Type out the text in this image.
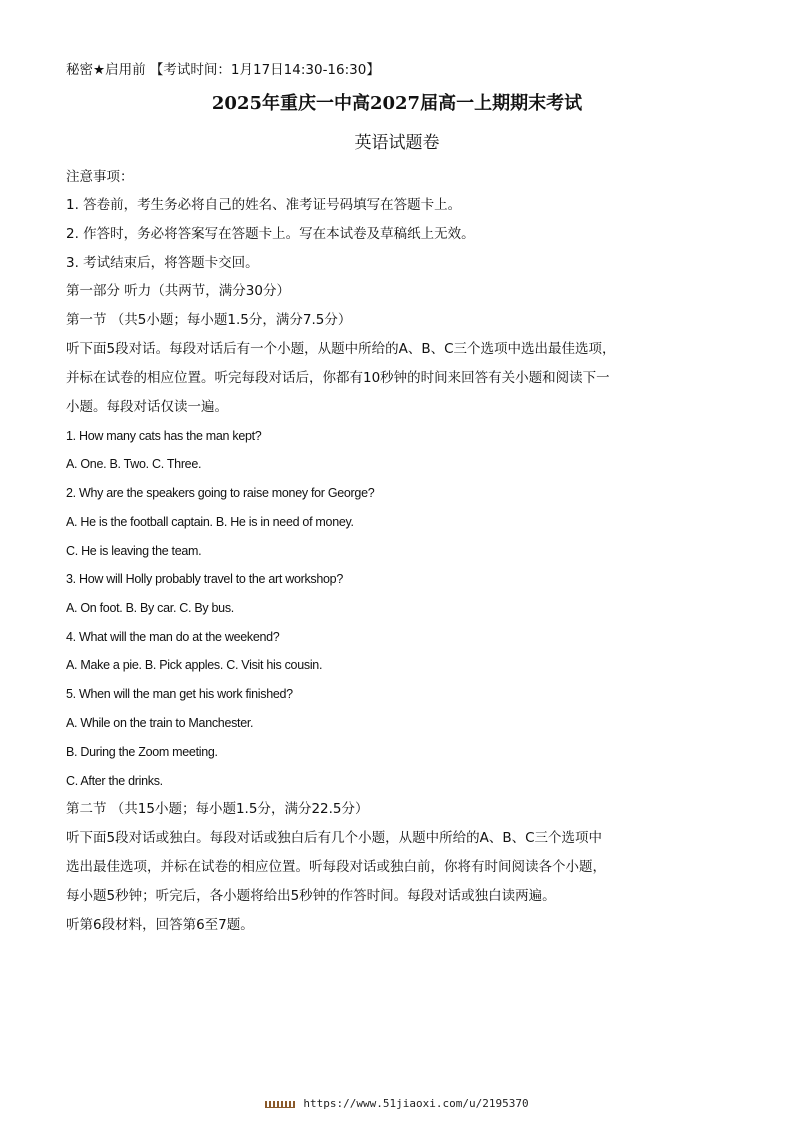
秘密★启用前 【考试时间：1月17日14:30-16:30】
2025年重庆一中高2027届高一上期期末考试
英语试题卷
注意事项：
1. 答卷前，考生务必将自己的姓名、准考证号码填写在答题卡上。
2. 作答时，务必将答案写在答题卡上。写在本试卷及草稿纸上无效。
3. 考试结束后，将答题卡交回。
第一部分 听力（共两节，满分30分）
第一节 （共5小题；每小题1.5分，满分7.5分）
听下面5段对话。每段对话后有一个小题，从题中所给的A、B、C三个选项中选出最佳选项，
并标在试卷的相应位置。听完每段对话后，你都有10秒钟的时间来回答有关小题和阅读下一
小题。每段对话仅读一遍。
1. How many cats has the man kept?
A. One. B. Two. C. Three.
2. Why are the speakers going to raise money for George?
A. He is the football captain. B. He is in need of money.
C. He is leaving the team.
3. How will Holly probably travel to the art workshop?
A. On foot. B. By car. C. By bus.
4. What will the man do at the weekend?
A. Make a pie. B. Pick apples. C. Visit his cousin.
5. When will the man get his work finished?
A. While on the train to Manchester.
B. During the Zoom meeting.
C. After the drinks.
第二节 （共15小题；每小题1.5分，满分22.5分）
听下面5段对话或独白。每段对话或独白后有几个小题，从题中所给的A、B、C三个选项中
选出最佳选项，并标在试卷的相应位置。听每段对话或独白前，你将有时间阅读各个小题，
每小题5秒钟；听完后，各小题将给出5秒钟的作答时间。每段对话或独白读两遍。
听第6段材料，回答第6至7题。
https://www.51jiaoxi.com/u/2195370
